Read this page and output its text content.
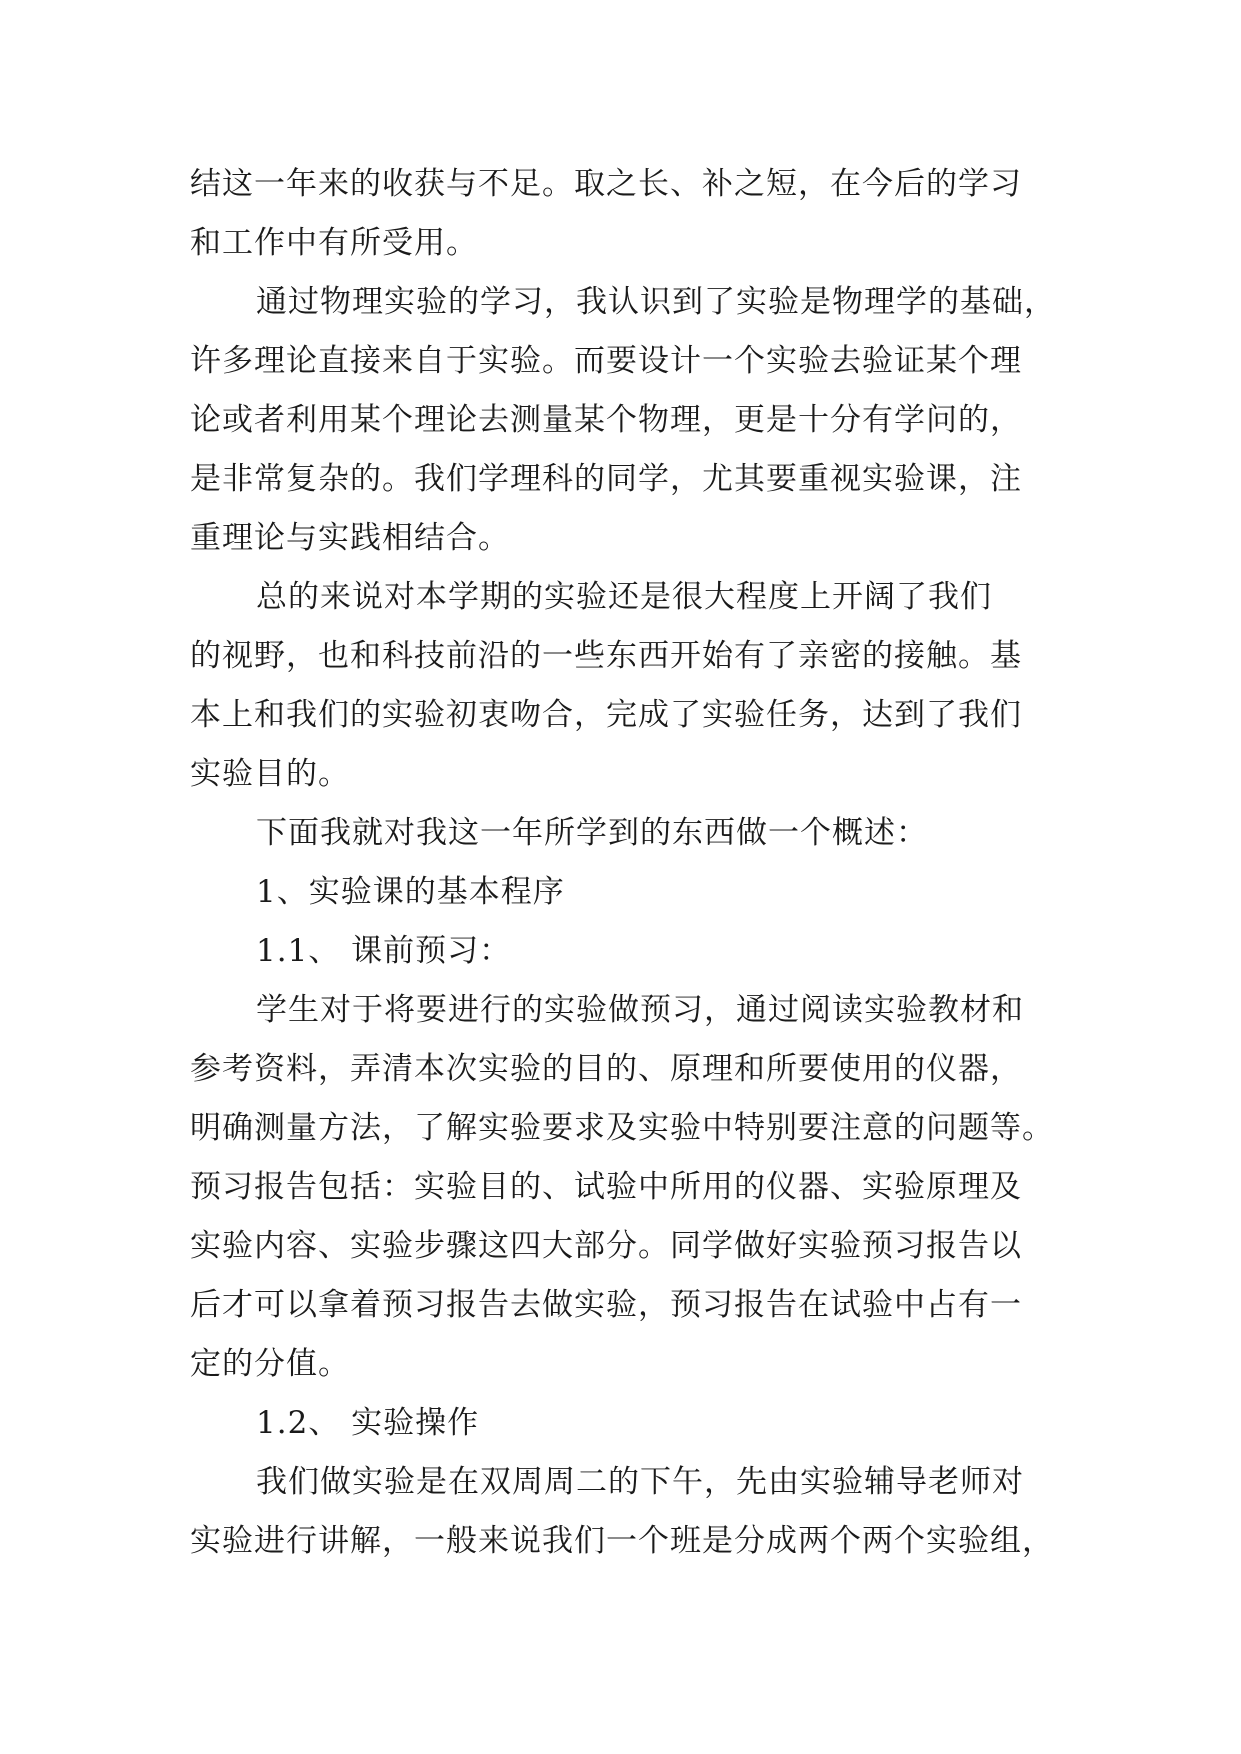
结这一年来的收获与不足。取之长、补之短，在今后的学习
和工作中有所受用。
通过物理实验的学习，我认识到了实验是物理学的基础，
许多理论直接来自于实验。而要设计一个实验去验证某个理
论或者利用某个理论去测量某个物理，更是十分有学问的，
是非常复杂的。我们学理科的同学，尤其要重视实验课，注
重理论与实践相结合。
总的来说对本学期的实验还是很大程度上开阔了我们
的视野，也和科技前沿的一些东西开始有了亲密的接触。基
本上和我们的实验初衷吻合，完成了实验任务，达到了我们
实验目的。
下面我就对我这一年所学到的东西做一个概述：
1、实验课的基本程序
1.1、 课前预习：
学生对于将要进行的实验做预习，通过阅读实验教材和
参考资料，弄清本次实验的目的、原理和所要使用的仪器，
明确测量方法，了解实验要求及实验中特别要注意的问题等。
预习报告包括：实验目的、试验中所用的仪器、实验原理及
实验内容、实验步骤这四大部分。同学做好实验预习报告以
后才可以拿着预习报告去做实验，预习报告在试验中占有一
定的分值。
1.2、 实验操作
我们做实验是在双周周二的下午，先由实验辅导老师对
实验进行讲解，一般来说我们一个班是分成两个两个实验组，
